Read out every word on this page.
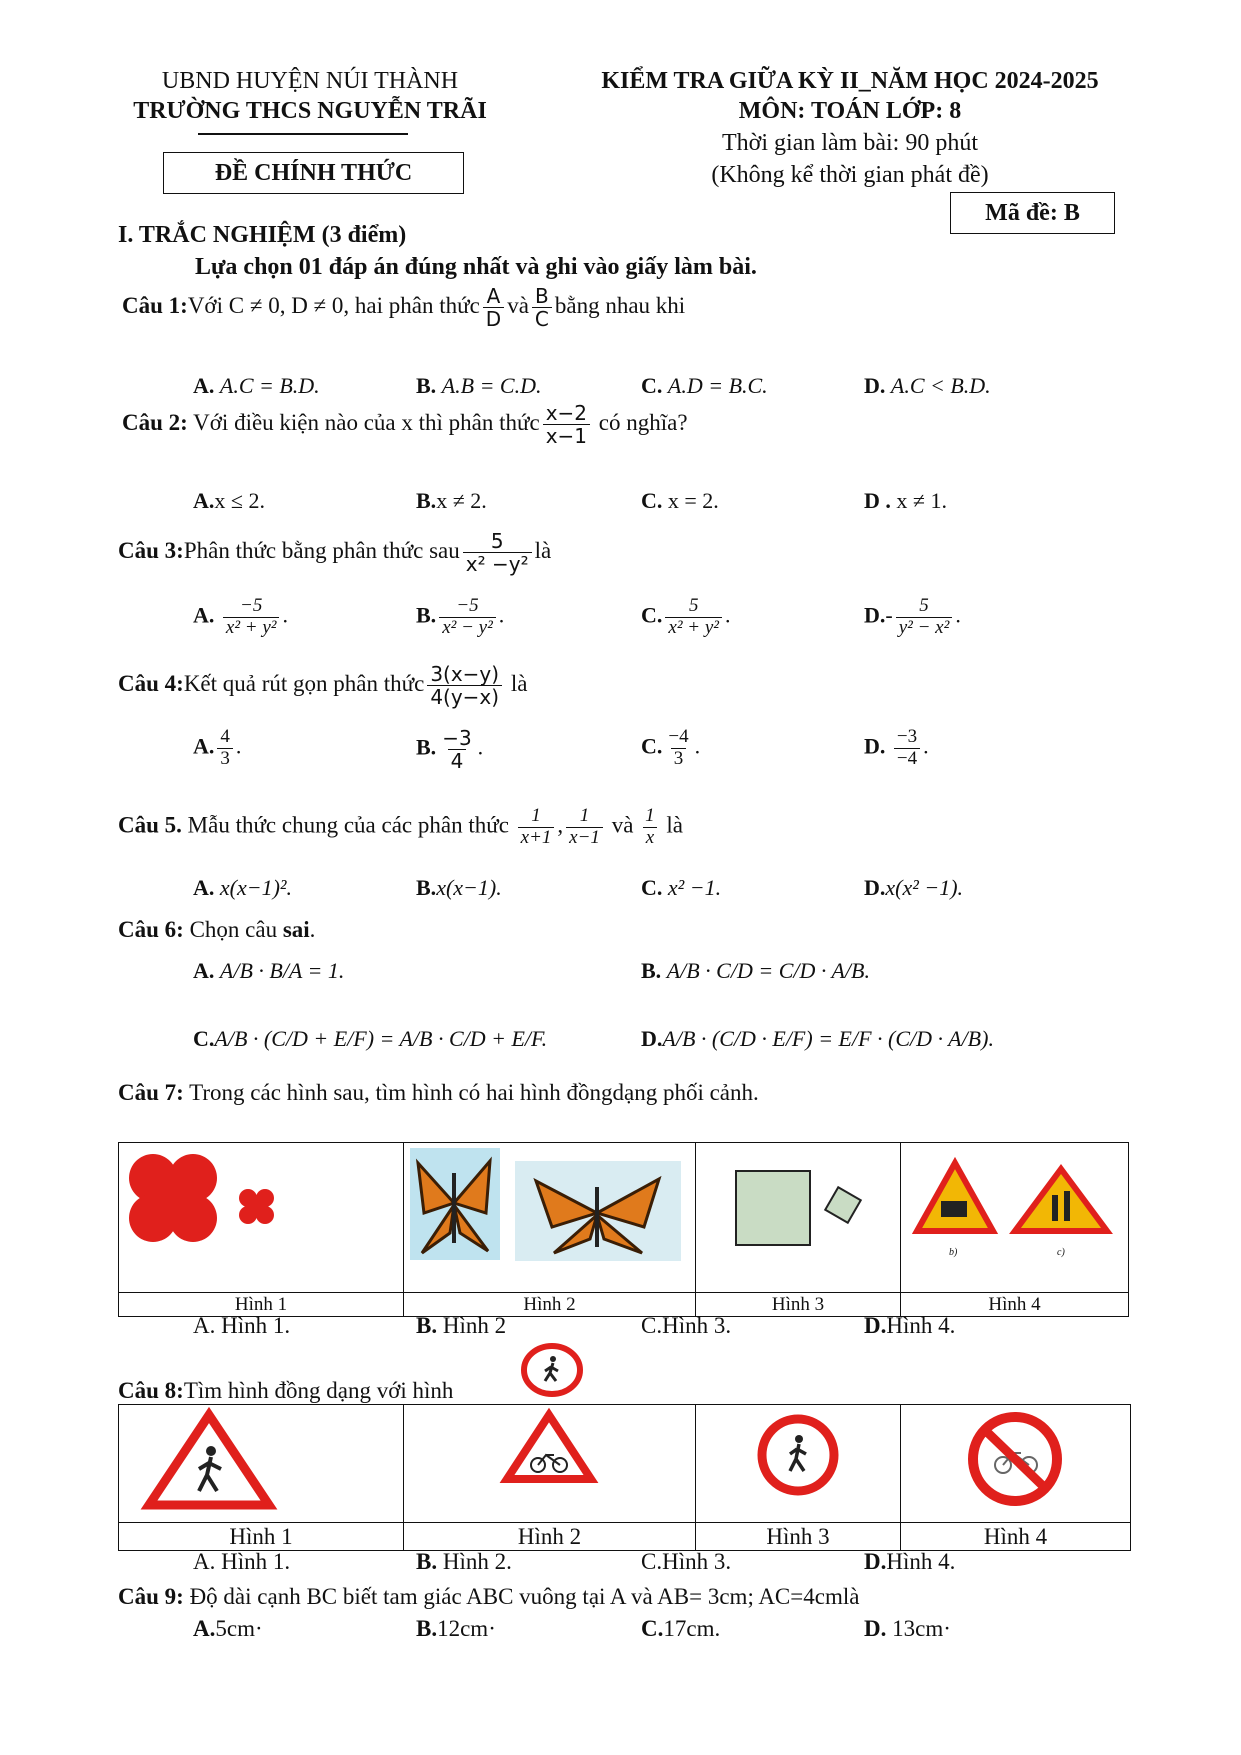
UBND HUYỆN NÚI THÀNH
TRƯỜNG THCS NGUYỄN TRÃI
ĐỀ CHÍNH THỨC
KIỂM TRA GIỮA KỲ II_NĂM HỌC 2024-2025
MÔN: TOÁN LỚP: 8
Thời gian làm bài: 90 phút
(Không kể thời gian phát đề)
Mã đề: B
I. TRẮC NGHIỆM (3 điểm)
Lựa chọn 01 đáp án đúng nhất và ghi vào giấy làm bài.
Câu 1:Với C ≠ 0, D ≠ 0, hai phân thức $\frac{A}{D}$ và $\frac{B}{C}$ bằng nhau khi
A. A.C = B.D.	B. A.B = C.D.	C. A.D = B.C.	D. A.C < B.D.
Câu 2: Với điều kiện nào của x thì phân thức $\frac{x-2}{x-1}$ có nghĩa?
A.x ≤ 2.	B.x ≠ 2.	C. x = 2.	D . x ≠ 1.
Câu 3:Phân thức bằng phân thức sau $\frac{5}{\text{x² −y²}}$ là
A. $\frac{-5}{\text{x² + y²}}$ .	B. $\frac{-5}{\text{x² − y²}}$ .	C. $\frac{5}{\text{x² + y²}}$ .	$D.- \frac{5}{\text{y² − x²}}$ .
Câu 4:Kết quả rút gọn phân thức $\frac{3(x-y)}{4(y-x)}$ là
A. $\frac{4}{3}$ .	B. $\frac{-3}{4}$ .	C. $\frac{-4}{3}$ .	D. $\frac{-3}{-4}$ .
Câu 5. Mẫu thức chung của các phân thức $\frac{1}{x+1}$ , $\frac{1}{x-1}$ và $\frac{1}{x}$ là
A. x(x−1)².	B.x(x−1).	C. x² −1.	D.x(x² −1).
Câu 6: Chọn câu sai.
A. A/B · B/A = 1.	B. A/B · C/D = C/D · A/B.
C.A/B · (C/D + E/F) = A/B · C/D + E/F.	D.A/B · (C/D · E/F) = E/F · (C/D · A/B).
Câu 7: Trong các hình sau, tìm hình có hai hình đồngdạng phối cảnh.

b) c)

Hình 1	Hình 2	Hình 3	Hình 4
A. Hình 1.	B. Hình 2	C.Hình 3.	D.Hình 4.
Câu 8:Tìm hình đồng dạng với hình

Hình 1	Hình 2	Hình 3	Hình 4
A. Hình 1.	B. Hình 2.	C.Hình 3.	D.Hình 4.
Câu 9: Độ dài cạnh BC biết tam giác ABC vuông tại A và AB= 3cm; AC=4cmlà
A.5cm·	B.12cm·	C.17cm.	D. 13cm·
